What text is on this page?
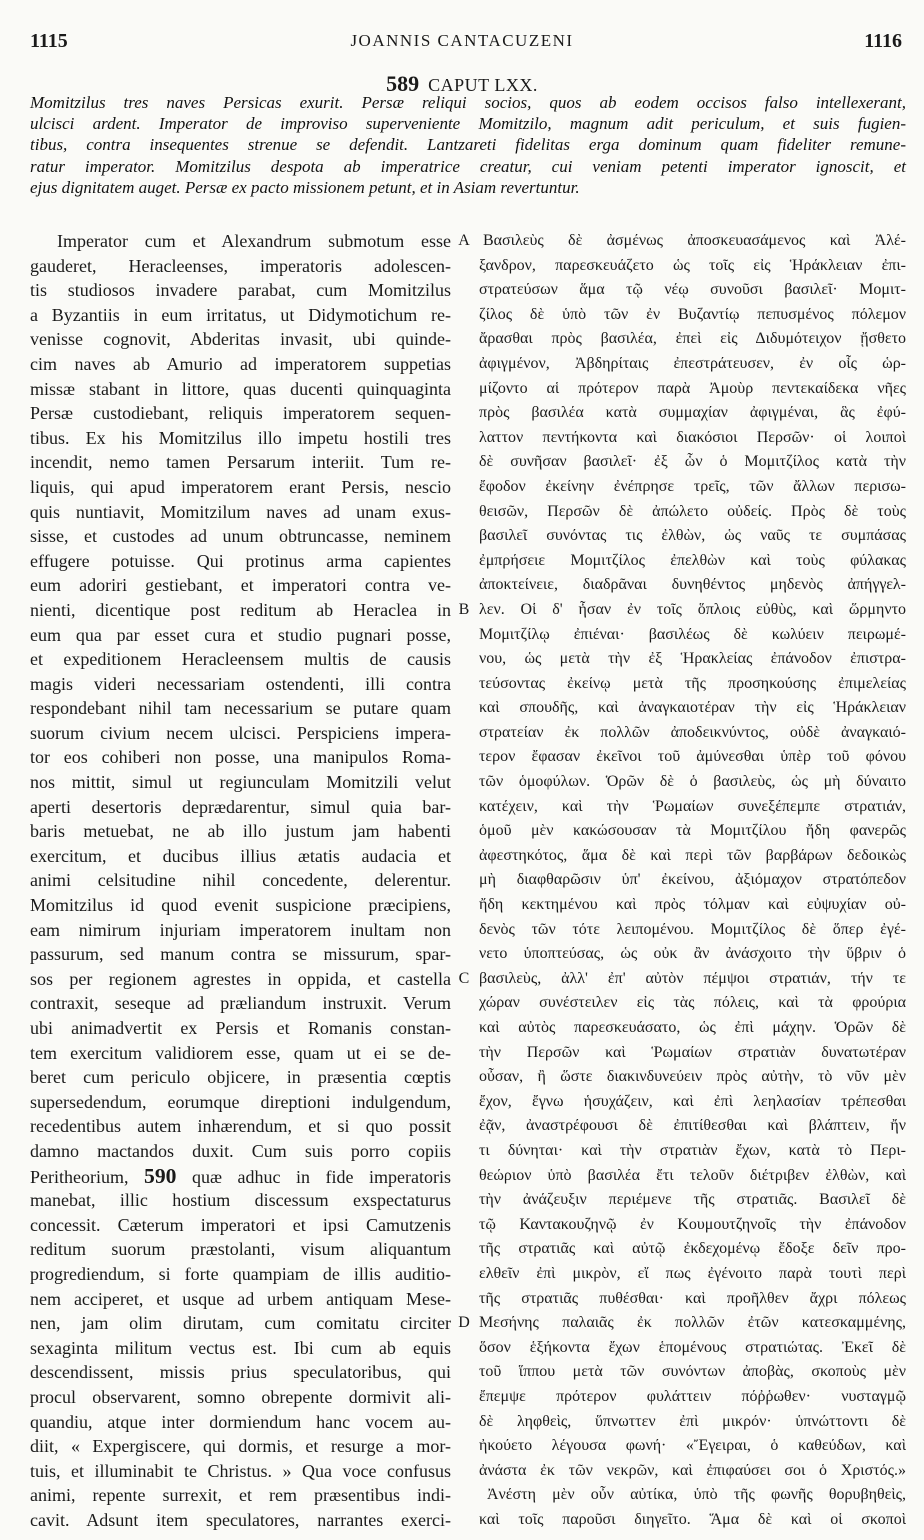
1115	JOANNIS CANTACUZENI	1116
589 CAPUT LXX.
Momitzilus tres naves Persicas exurit. Persæ reliqui socios, quos ab eodem occisos falso intellexerant,
ulcisci ardent. Imperator de improviso superveniente Momitzilo, magnum adit periculum, et suis fugien-
tibus, contra insequentes strenue se defendit. Lantzareti fidelitas erga dominum quam fideliter remune-
ratur imperator. Momitzilus despota ab imperatrice creatur, cui veniam petenti imperator ignoscit, et
ejus dignitatem auget. Persæ ex pacto missionem petunt, et in Asiam revertuntur.
Imperator cum et Alexandrum submotum esse
gauderet, Heracleenses, imperatoris adolescen-
tis studiosos invadere parabat, cum Momitzilus
a Byzantiis in eum irritatus, ut Didymotichum re-
venisse cognovit, Abderitas invasit, ubi quinde-
cim naves ab Amurio ad imperatorem suppetias
missæ stabant in littore, quas ducenti quinquaginta
Persæ custodiebant, reliquis imperatorem sequen-
tibus. Ex his Momitzilus illo impetu hostili tres
incendit, nemo tamen Persarum interiit. Tum re-
liquis, qui apud imperatorem erant Persis, nescio
quis nuntiavit, Momitzilum naves ad unam exus-
sisse, et custodes ad unum obtruncasse, neminem
effugere potuisse. Qui protinus arma capientes
eum adoriri gestiebant, et imperatori contra ve-
nienti, dicentique post reditum ab Heraclea in
eum qua par esset cura et studio pugnari posse,
et expeditionem Heracleensem multis de causis
magis videri necessariam ostendenti, illi contra
respondebant nihil tam necessarium se putare quam
suorum civium necem ulcisci. Perspiciens impera-
tor eos cohiberi non posse, una manipulos Roma-
nos mittit, simul ut regiunculam Momitzili velut
aperti desertoris deprædarentur, simul quia bar-
baris metuebat, ne ab illo justum jam habenti
exercitum, et ducibus illius ætatis audacia et
animi celsitudine nihil concedente, delerentur.
Momitzilus id quod evenit suspicione præcipiens,
eam nimirum injuriam imperatorem inultam non
passurum, sed manum contra se missurum, spar-
sos per regionem agrestes in oppida, et castella
contraxit, seseque ad præliandum instruxit. Verum
ubi animadvertit ex Persis et Romanis constan-
tem exercitum validiorem esse, quam ut ei se de-
beret cum periculo objicere, in præsentia cœptis
supersedendum, eorumque direptioni indulgendum,
recedentibus autem inhærendum, et si quo possit
damno mactandos duxit. Cum suis porro copiis
Peritheorium, 590 quæ adhuc in fide imperatoris
manebat, illic hostium discessum exspectaturus
concessit. Cæterum imperatori et ipsi Camutzenis
reditum suorum præstolanti, visum aliquantum
progrediendum, si forte quampiam de illis auditio-
nem acciperet, et usque ad urbem antiquam Mese-
nen, jam olim dirutam, cum comitatu circiter
sexaginta militum vectus est. Ibi cum ab equis
descendissent, missis prius speculatoribus, qui
procul observarent, somno obrepente dormivit ali-
quandiu, atque inter dormiendum hanc vocem au-
diit, « Expergiscere, qui dormis, et resurge a mor-
tuis, et illuminabit te Christus. » Qua voce confusus
animi, repente surrexit, et rem præsentibus indi-
cavit. Adsunt item speculatores, narrantes exerci-
A
B
C
D
Βασιλεὺς δὲ ἀσμένως ἀποσκευασάμενος καὶ Ἀλέ-
ξανδρον, παρεσκευάζετο ὡς τοῖς εἰς Ἡράκλειαν ἐπι-
στρατεύσων ἅμα τῷ νέῳ συνοῦσι βασιλεῖ· Μομιτ-
ζίλος δὲ ὑπὸ τῶν ἐν Βυζαντίῳ πεπυσμένος πόλεμον
ἄρασθαι πρὸς βασιλέα, ἐπεὶ εἰς Διδυμότειχον ᾔσθετο
ἀφιγμένον, Ἀβδηρίταις ἐπεστράτευσεν, ἐν οἷς ὡρ-
μίζοντο αἱ πρότερον παρὰ Ἀμοὺρ πεντεκαίδεκα νῆες
πρὸς βασιλέα κατὰ συμμαχίαν ἀφιγμέναι, ἃς ἐφύ-
λαττον πεντήκοντα καὶ διακόσιοι Περσῶν· οἱ λοιποὶ
δὲ συνῆσαν βασιλεῖ· ἐξ ὧν ὁ Μομιτζίλος κατὰ τὴν
ἔφοδον ἐκείνην ἐνέπρησε τρεῖς, τῶν ἄλλων περισω-
θεισῶν, Περσῶν δὲ ἀπώλετο οὐδείς. Πρὸς δὲ τοὺς
βασιλεῖ συνόντας τις ἐλθὼν, ὡς ναῦς τε συμπάσας
ἐμπρήσειε Μομιτζίλος ἐπελθὼν καὶ τοὺς φύλακας
ἀποκτείνειε, διαδρᾶναι δυνηθέντος μηδενὸς ἀπήγγελ-
λεν. Οἱ δ' ἦσαν ἐν τοῖς ὅπλοις εὐθὺς, καὶ ὥρμηντο
Μομιτζίλῳ ἐπιέναι· βασιλέως δὲ κωλύειν πειρωμέ-
νου, ὡς μετὰ τὴν ἐξ Ἡρακλείας ἐπάνοδον ἐπιστρα-
τεύσοντας ἐκείνῳ μετὰ τῆς προσηκούσης ἐπιμελείας
καὶ σπουδῆς, καὶ ἀναγκαιοτέραν τὴν εἰς Ἡράκλειαν
στρατείαν ἐκ πολλῶν ἀποδεικνύντος, οὐδὲ ἀναγκαιό-
τερον ἔφασαν ἐκεῖνοι τοῦ ἀμύνεσθαι ὑπὲρ τοῦ φόνου
τῶν ὁμοφύλων. Ὁρῶν δὲ ὁ βασιλεὺς, ὡς μὴ δύναιτο
κατέχειν, καὶ τὴν Ῥωμαίων συνεξέπεμπε στρατιάν,
ὁμοῦ μὲν κακώσουσαν τὰ Μομιτζίλου ἤδη φανερῶς
ἀφεστηκότος, ἅμα δὲ καὶ περὶ τῶν βαρβάρων δεδοικὼς
μὴ διαφθαρῶσιν ὑπ' ἐκείνου, ἀξιόμαχον στρατόπεδον
ἤδη κεκτημένου καὶ πρὸς τόλμαν καὶ εὐψυχίαν οὐ-
δενὸς τῶν τότε λειπομένου. Μομιτζίλος δὲ ὅπερ ἐγέ-
νετο ὑποπτεύσας, ὡς οὐκ ἂν ἀνάσχοιτο τὴν ὕβριν ὁ
βασιλεὺς, ἀλλ' ἐπ' αὐτὸν πέμψοι στρατιάν, τήν τε
χώραν συνέστειλεν εἰς τὰς πόλεις, καὶ τὰ φρούρια
καὶ αὐτὸς παρεσκευάσατο, ὡς ἐπὶ μάχην. Ὁρῶν δὲ
τὴν Περσῶν καὶ Ῥωμαίων στρατιὰν δυνατωτέραν
οὖσαν, ἢ ὥστε διακινδυνεύειν πρὸς αὐτὴν, τὸ νῦν μὲν
ἔχον, ἔγνω ἡσυχάζειν, καὶ ἐπὶ λεηλασίαν τρέπεσθαι
ἐᾷν, ἀναστρέφουσι δὲ ἐπιτίθεσθαι καὶ βλάπτειν, ἤν
τι δύνηται· καὶ τὴν στρατιὰν ἔχων, κατὰ τὸ Περι-
θεώριον ὑπὸ βασιλέα ἔτι τελοῦν διέτριβεν ἐλθὼν, καὶ
τὴν ἀνάζευξιν περιέμενε τῆς στρατιᾶς. Βασιλεῖ δὲ
τῷ Καντακουζηνῷ ἐν Κουμουτζηνοῖς τὴν ἐπάνοδον
τῆς στρατιᾶς καὶ αὐτῷ ἐκδεχομένῳ ἔδοξε δεῖν προ-
ελθεῖν ἐπὶ μικρὸν, εἴ πως ἐγένοιτο παρὰ τουτὶ περὶ
τῆς στρατιᾶς πυθέσθαι· καὶ προῆλθεν ἄχρι πόλεως
Μεσήνης παλαιᾶς ἐκ πολλῶν ἐτῶν κατεσκαμμένης,
ὅσον ἑξήκοντα ἔχων ἑπομένους στρατιώτας. Ἐκεῖ δὲ
τοῦ ἵππου μετὰ τῶν συνόντων ἀποβὰς, σκοποὺς μὲν
ἔπεμψε πρότερον φυλάττειν πόῤῥωθεν· νυσταγμῷ
δὲ ληφθεὶς, ὕπνωττεν ἐπὶ μικρόν· ὑπνώττοντι δὲ
ἠκούετο λέγουσα φωνή· «Ἔγειραι, ὁ καθεύδων, καὶ
ἀνάστα ἐκ τῶν νεκρῶν, καὶ ἐπιφαύσει σοι ὁ Χριστός.»
Ἀνέστη μὲν οὖν αὐτίκα, ὑπὸ τῆς φωνῆς θορυβηθεὶς,
καὶ τοῖς παροῦσι διηγεῖτο. Ἅμα δὲ καὶ οἱ σκοποὶ
